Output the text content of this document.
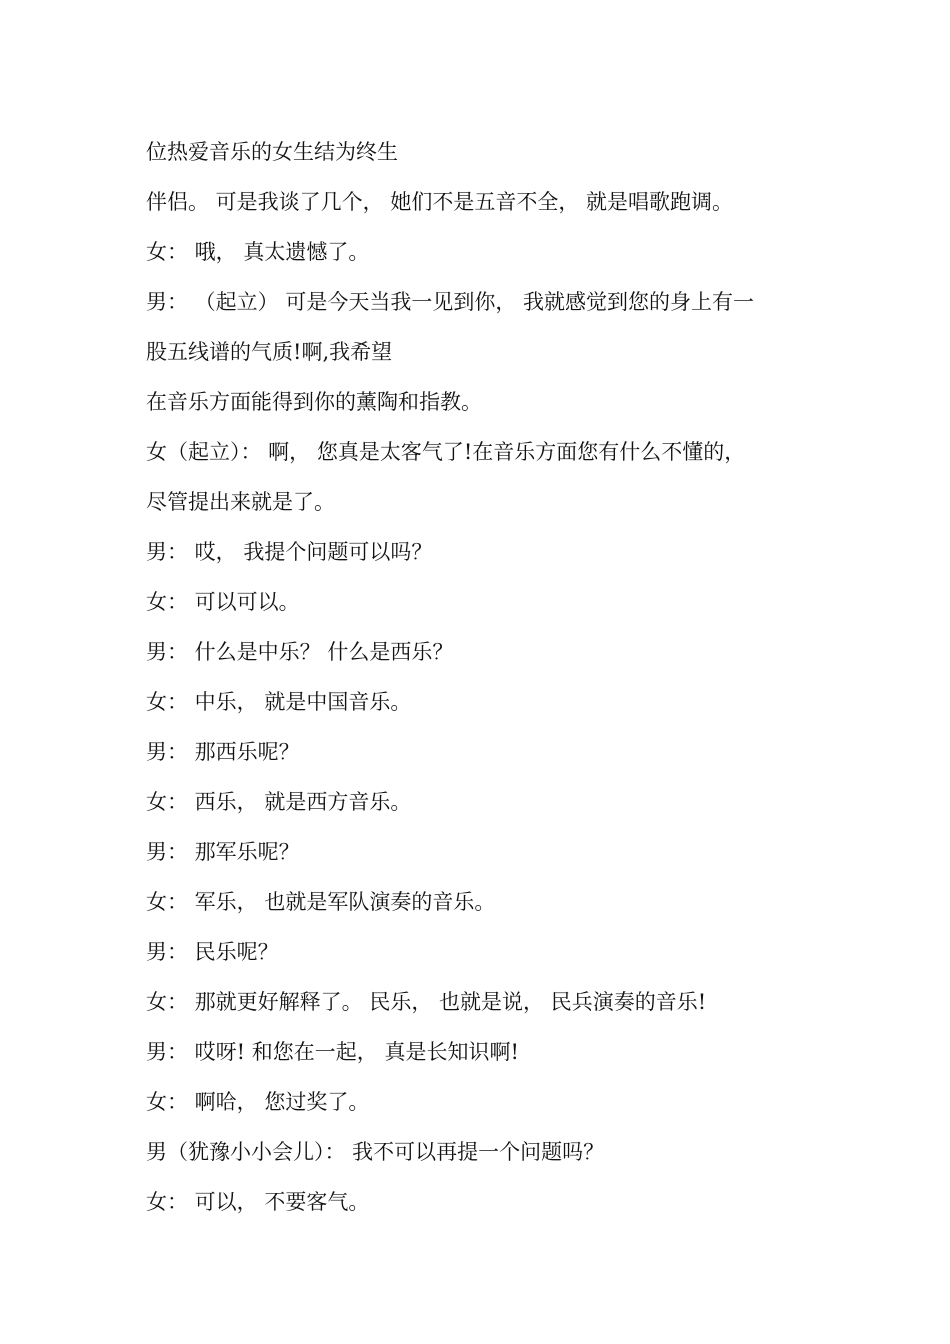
位热爱音乐的女生结为终生
伴侣。 可是我谈了几个， 她们不是五音不全， 就是唱歌跑调。
女： 哦， 真太遗憾了。
男： （起立） 可是今天当我一见到你， 我就感觉到您的身上有一
股五线谱的气质!啊,我希望
在音乐方面能得到你的薰陶和指教。
女（起立）： 啊， 您真是太客气了!在音乐方面您有什么不懂的，
尽管提出来就是了。
男： 哎， 我提个问题可以吗？
女： 可以可以。
男： 什么是中乐？ 什么是西乐？
女： 中乐， 就是中国音乐。
男： 那西乐呢？
女： 西乐， 就是西方音乐。
男： 那军乐呢？
女： 军乐， 也就是军队演奏的音乐。
男： 民乐呢？
女： 那就更好解释了。 民乐， 也就是说， 民兵演奏的音乐!
男： 哎呀! 和您在一起， 真是长知识啊!
女： 啊哈， 您过奖了。
男（犹豫小小会儿）： 我不可以再提一个问题吗？
女： 可以， 不要客气。
